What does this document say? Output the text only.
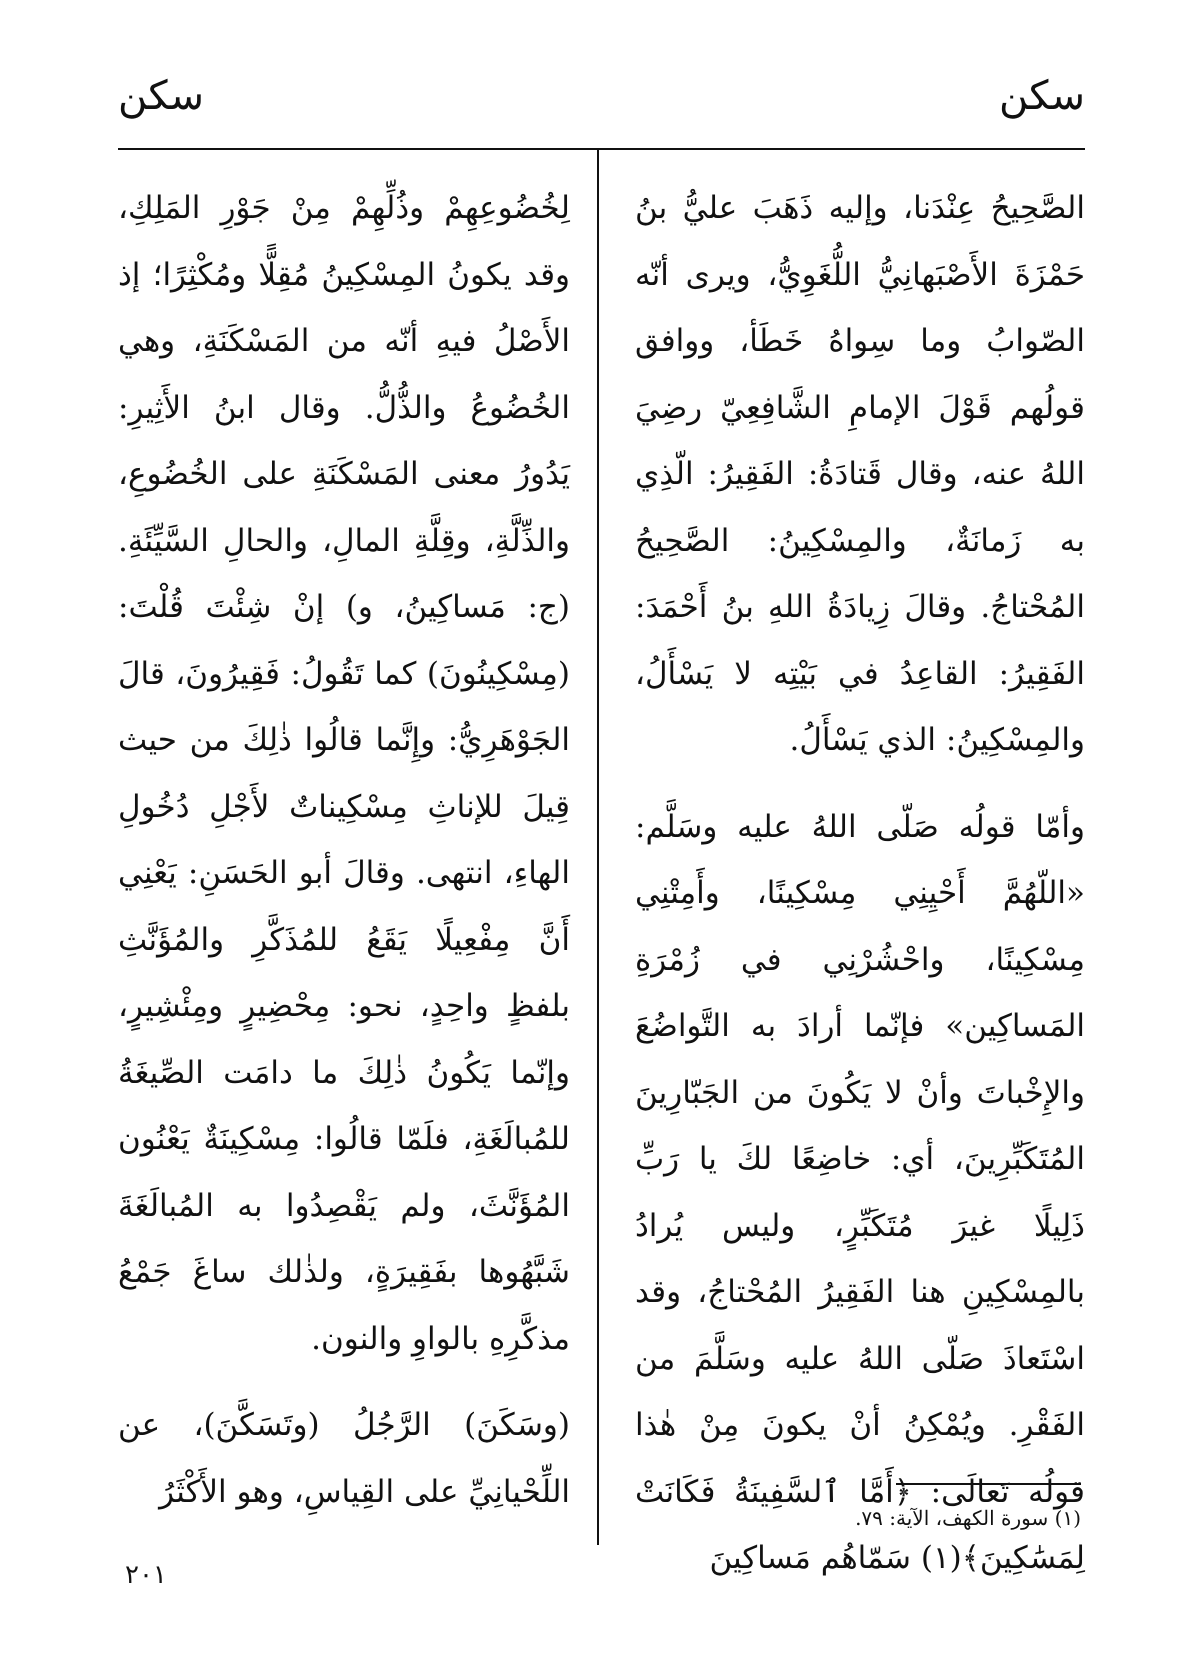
سكن
سكن

الصَّحِيحُ عِنْدَنا، وإليه ذَهَبَ عليُّ بنُ حَمْزَةَ الأَصْبَهانِيُّ اللُّغَوِيُّ، ويرى أنّه الصّوابُ وما سِواهُ خَطَأ، ووافق قولُهم قَوْلَ الإمامِ الشَّافِعِيّ رضِيَ اللهُ عنه، وقال قَتادَةُ: الفَقِيرُ: الّذِي به زَمانَةٌ، والمِسْكِينُ: الصَّحِيحُ المُحْتاجُ. وقالَ زِيادَةُ اللهِ بنُ أَحْمَدَ: الفَقِيرُ: القاعِدُ في بَيْتِه لا يَسْأَلُ، والمِسْكِينُ: الذي يَسْأَلُ.

وأمّا قولُه صَلّى اللهُ عليه وسَلَّم: «اللّهُمَّ أَحْيِنِي مِسْكِينًا، وأَمِتْنِي مِسْكِينًا، واحْشُرْنِي في زُمْرَةِ المَساكِين» فإنّما أرادَ به التَّواضُعَ والإِخْباتَ وأنْ لا يَكُونَ من الجَبّارِينَ المُتَكَبِّرِينَ، أي: خاضِعًا لكَ يا رَبِّ ذَلِيلًا غيرَ مُتَكَبِّرٍ، وليس يُرادُ بالمِسْكِينِ هنا الفَقِيرُ المُحْتاجُ، وقد اسْتَعاذَ صَلّى اللهُ عليه وسَلَّمَ من الفَقْرِ. ويُمْكِنُ أنْ يكونَ مِنْ هٰذا قولُه تَعالَى: ﴿أَمَّا ٱلسَّفِينَةُ فَكَانَتْ لِمَسَٰكِينَ﴾(١) سَمّاهُم مَساكِينَ

لِخُضُوعِهِمْ وذُلِّهِمْ مِنْ جَوْرِ المَلِكِ، وقد يكونُ المِسْكِينُ مُقِلًّا ومُكْثِرًا؛ إذ الأَصْلُ فيهِ أنّه من المَسْكَنَةِ، وهي الخُضُوعُ والذُّلُّ. وقال ابنُ الأَثِيرِ: يَدُورُ معنى المَسْكَنَةِ على الخُضُوعِ، والذِّلَّةِ، وقِلَّةِ المالِ، والحالِ السَّيِّئَةِ. (ج: مَساكِينُ، و) إنْ شِئْتَ قُلْتَ: (مِسْكِينُونَ) كما تَقُولُ: فَقِيرُونَ، قالَ الجَوْهَرِيُّ: وإِنَّما قالُوا ذٰلِكَ من حيث قِيلَ للإناثِ مِسْكِيناتٌ لأَجْلِ دُخُولِ الهاءِ، انتهى. وقالَ أبو الحَسَنِ: يَعْنِي أَنَّ مِفْعِيلًا يَقَعُ للمُذَكَّرِ والمُؤَنَّثِ بلفظٍ واحِدٍ، نحو: مِحْضِيرٍ ومِئْشِيرٍ، وإنّما يَكُونُ ذٰلِكَ ما دامَت الصِّيغَةُ للمُبالَغَةِ، فلَمّا قالُوا: مِسْكِينَةٌ يَعْنُون المُؤَنَّثَ، ولم يَقْصِدُوا به المُبالَغَةَ شَبَّهُوها بفَقِيرَةٍ، ولذٰلك ساغَ جَمْعُ مذكَّرِهِ بالواوِ والنون.

(وسَكَنَ) الرَّجُلُ (وتَسَكَّنَ)، عن اللِّحْيانِيِّ على القِياسِ، وهو الأَكْثَرُ

(١) سورة الكهف، الآية: ٧٩.
٢٠١
